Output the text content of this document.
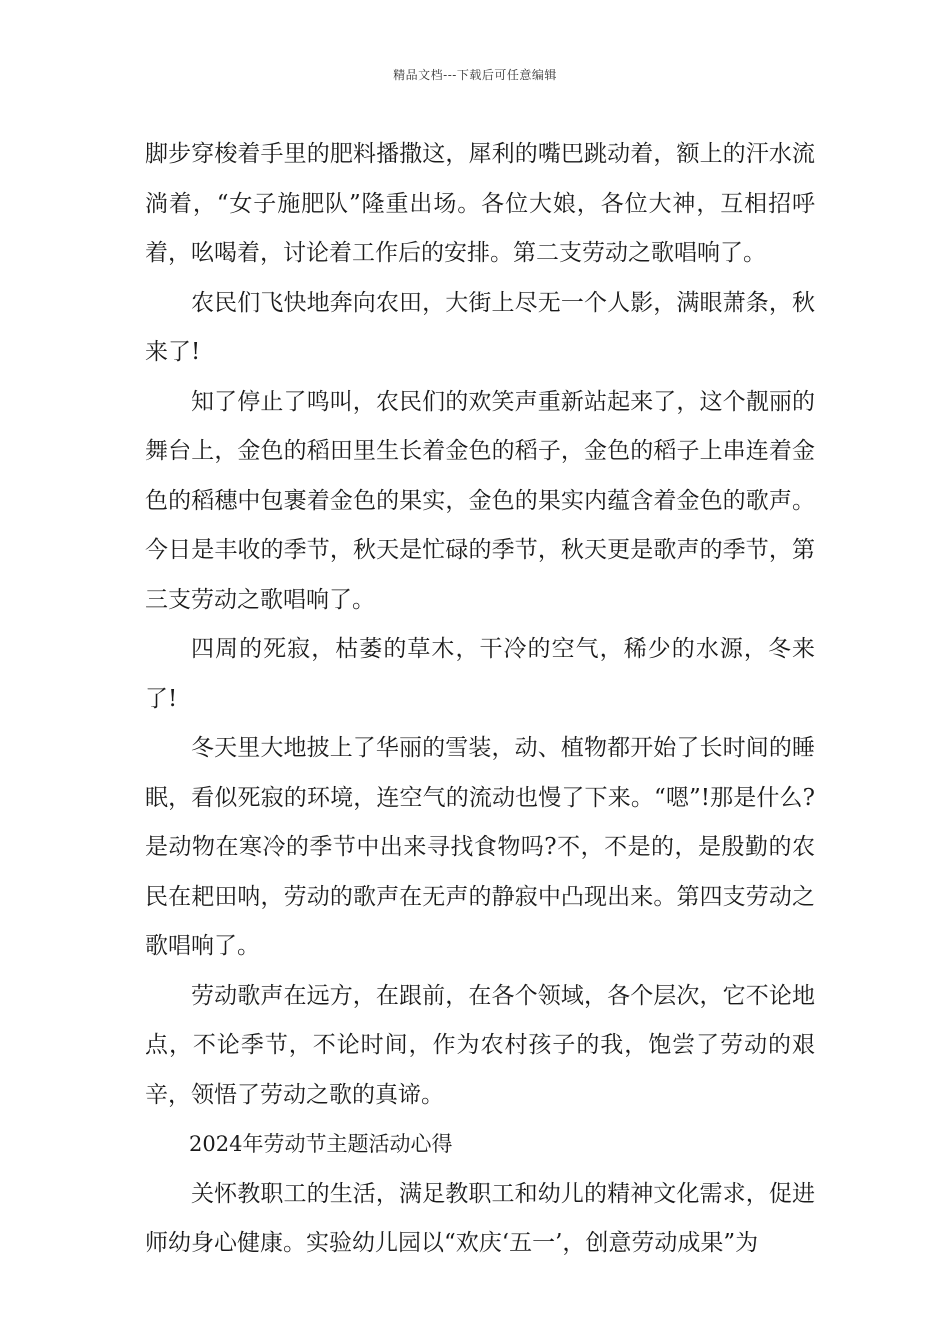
精品文档---下载后可任意编辑

脚步穿梭着手里的肥料播撒这，犀利的嘴巴跳动着，额上的汗水流淌着，“女子施肥队”隆重出场。各位大娘，各位大神，互相招呼着，吆喝着，讨论着工作后的安排。第二支劳动之歌唱响了。

农民们飞快地奔向农田，大街上尽无一个人影，满眼萧条，秋来了!

知了停止了鸣叫，农民们的欢笑声重新站起来了，这个靓丽的舞台上，金色的稻田里生长着金色的稻子，金色的稻子上串连着金色的稻穗中包裹着金色的果实，金色的果实内蕴含着金色的歌声。今日是丰收的季节，秋天是忙碌的季节，秋天更是歌声的季节，第三支劳动之歌唱响了。

四周的死寂，枯萎的草木，干冷的空气，稀少的水源，冬来了!

冬天里大地披上了华丽的雪装，动、植物都开始了长时间的睡眠，看似死寂的环境，连空气的流动也慢了下来。“嗯”!那是什么?是动物在寒冷的季节中出来寻找食物吗?不，不是的，是殷勤的农民在耙田呐，劳动的歌声在无声的静寂中凸现出来。第四支劳动之歌唱响了。

劳动歌声在远方，在跟前，在各个领域，各个层次，它不论地点，不论季节，不论时间，作为农村孩子的我，饱尝了劳动的艰辛，领悟了劳动之歌的真谛。

2024年劳动节主题活动心得

关怀教职工的生活，满足教职工和幼儿的精神文化需求，促进师幼身心健康。实验幼儿园以“欢庆‘五一’，创意劳动成果”为
